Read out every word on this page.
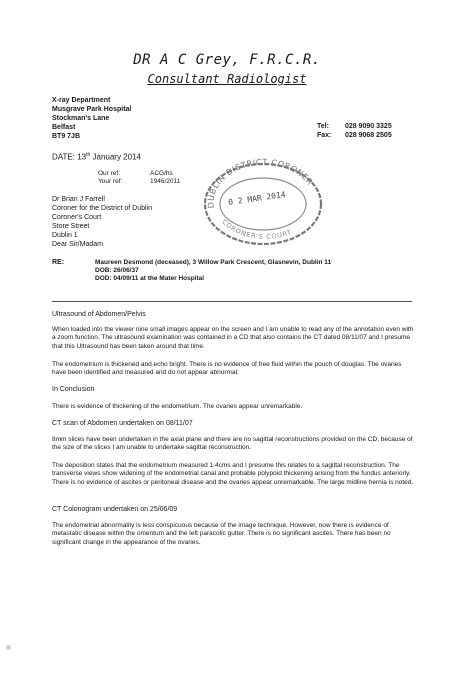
DR A C Grey, F.R.C.R.
Consultant Radiologist
X-ray Department
Musgrave Park Hospital
Stockman's Lane
Belfast
BT9 7JB
Tel: 028 9090 3325
Fax: 028 9068 2505
DATE: 13th January 2014
Our ref:	ACG/hs
Your ref:	1946/2011
Dr Brian J Farrell
Coroner for the District of Dublin
Coroner's Court
Store Street
Dublin 1
DUBLIN DISTRICT CORONER
CORONER'S COURT
0 2 MAR 2014
Dear Sir/Madam
RE:	Maureen Desmond (deceased), 3 Willow Park Crescent, Glasnevin, Dublin 11
DOB: 26/06/37
DOD: 04/09/11 at the Mater Hospital
Ultrasound of Abdomen/Pelvis
When loaded into the viewer nine small images appear on the screen and I am unable to read any of the annotation even with a zoom function. The ultrasound examination was contained in a CD that also contains the CT dated 08/11/07 and I presume that this Ultrasound has been taken around that time.
The endometrium is thickened and echo bright. There is no evidence of free fluid within the pouch of douglas. The ovaries have been identified and measured and do not appear abnormal.
In Conclusion
There is evidence of thickening of the endometrium. The ovaries appear unremarkable.
CT scan of Abdomen undertaken on 08/11/07
8mm slices have been undertaken in the axial plane and there are no sagittal reconstructions provided on the CD, because of the size of the slices I am unable to undertake sagittal reconstruction.
The deposition states that the endometrium measured 1.4cms and I presume this relates to a sagittal reconstruction. The transverse views show widening of the endometrial canal and probable polypoid thickening arising from the fundus anteriorly. There is no evidence of ascites or peritoneal disease and the ovaries appear unremarkable. The large midline hernia is noted.
CT Colonogram undertaken on 25/06/09
The endometrial abnormality is less conspicuous because of the image technique. However, now there is evidence of metastatic disease within the omentum and the left paracolic gutter. There is no significant ascites. There has been no significant change in the appearance of the ovaries.
